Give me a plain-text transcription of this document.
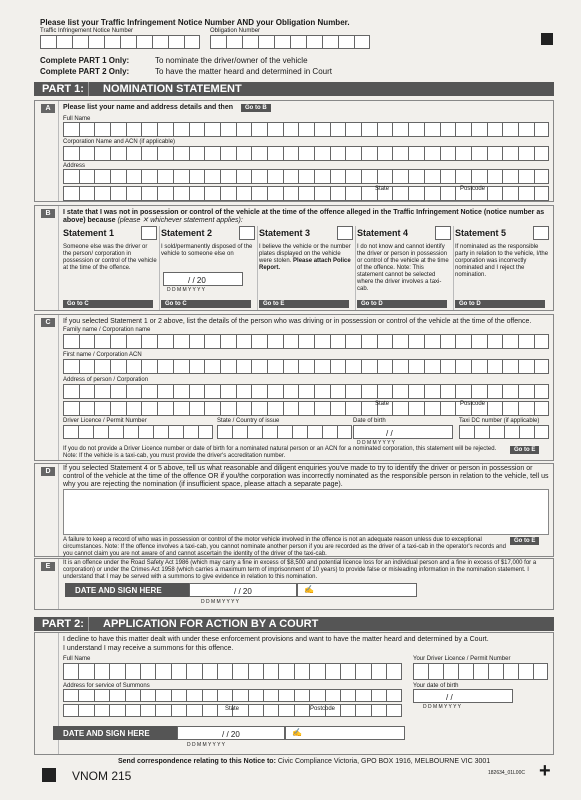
Please list your Traffic Infringement Notice Number AND your Obligation Number.
Traffic Infringement Notice Number	Obligation Number
Complete PART 1 Only:	To nominate the driver/owner of the vehicle
Complete PART 2 Only:	To have the matter heard and determined in Court
PART 1:	NOMINATION STATEMENT
A	Please list your name and address details and then	Go to B
Full Name
Corporation Name and ACN (if applicable)
Address
State	Postcode
B	I state that I was not in possession or control of the vehicle at the time of the offence alleged in the Traffic Infringement Notice (notice number as above) because (please ✕ whichever statement applies):
Statement 1
Someone else was the driver or the person/ corporation in possession or control of the vehicle at the time of the offence.
Go to C
Statement 2
I sold/permanently disposed of the vehicle to someone else on
Go to C
/ / 20
D D M M Y Y Y Y
Statement 3
I believe the vehicle or the number plates displayed on the vehicle were stolen. Please attach Police Report.
Go to E
Statement 4
I do not know and cannot identify the driver or person in possession or control of the vehicle at the time of the offence. Note: This statement cannot be selected where the driver involves a taxi-cab.
Go to D
Statement 5
If nominated as the responsible party in relation to the vehicle, I/the corporation was incorrectly nominated and I reject the nomination.
Go to D
C	If you selected Statement 1 or 2 above, list the details of the person who was driving or in possession or control of the vehicle at the time of the offence.
Family name / Corporation name
First name / Corporation ACN
Address of person / Corporation
State	Postcode
Driver Licence / Permit Number	State / Country of issue	Date of birth
/ /
D D M M Y Y Y Y
Taxi DC number (if applicable)
If you do not provide a Driver Licence number or date of birth for a nominated natural person or an ACN for a nominated corporation, this statement will be rejected. Note: If the vehicle is a taxi-cab, you must provide the driver's accreditation number.
Go to E
D	If you selected Statement 4 or 5 above, tell us what reasonable and diligent enquiries you've made to try to identify the driver or person in possession or control of the vehicle at the time of the offence OR if you/the corporation was incorrectly nominated as the responsible person in relation to the vehicle, tell us why you are rejecting the nomination (if insufficient space, please attach a separate page).
A failure to keep a record of who was in possession or control of the motor vehicle involved in the offence is not an adequate reason unless due to exceptional circumstances. Note: If the offence involves a taxi-cab, you cannot nominate another person if you are recorded as the driver of a taxi-cab in the operator's records and you cannot claim you are not aware of and cannot ascertain the identity of the driver of the taxi-cab.
Go to E
E	It is an offence under the Road Safety Act 1986 (which may carry a fine in excess of $8,500 and potential licence loss for an individual person and a fine in excess of $17,000 for a corporation) or under the Crimes Act 1958 (which carries a maximum term of imprisonment of 10 years) to provide false or misleading information in the nomination statement. I understand that I may be served with a summons to give evidence in relation to this nomination.
DATE AND SIGN HERE	/ / 20	✍
D D M M Y Y Y Y
PART 2:	APPLICATION FOR ACTION BY A COURT
I decline to have this matter dealt with under these enforcement provisions and want to have the matter heard and determined by a Court.
I understand I may receive a summons for this offence.
Full Name	Your Driver Licence / Permit Number
Address for service of Summons
State	Postcode
Your date of birth
/ /
D D M M Y Y Y Y
DATE AND SIGN HERE	/ / 20	✍
D D M M Y Y Y Y
Send correspondence relating to this Notice to: Civic Compliance Victoria, GPO BOX 1916, MELBOURNE VIC 3001
VNOM 215	182634_01L00C +
